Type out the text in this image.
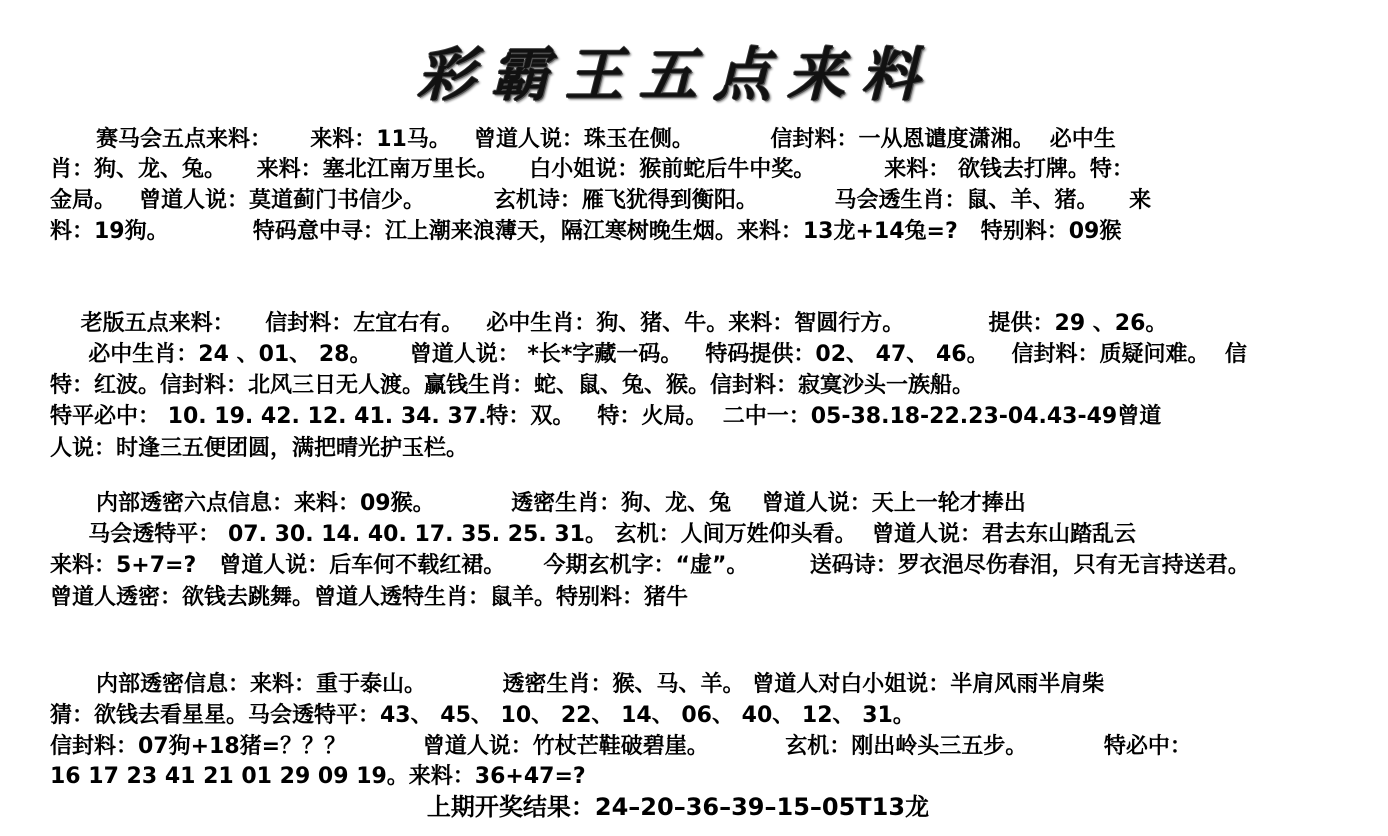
彩霸王五点来料
赛马会五点来料：     来料：11马。   曾道人说：珠玉在侧。          信封料：一从恩谴度潇湘。  必中生
肖：狗、龙、兔。    来料：塞北江南万里长。    白小姐说：猴前蛇后牛中奖。         来料： 欲钱去打牌。特：
金局。   曾道人说：莫道蓟门书信少。         玄机诗：雁飞犹得到衡阳。          马会透生肖：鼠、羊、猪。    来
料：19狗。           特码意中寻：江上潮来浪薄天，隔江寒树晚生烟。来料：13龙+14兔=?   特别料：09猴
老版五点来料：    信封料：左宜右有。   必中生肖：狗、猪、牛。来料：智圆行方。           提供：29 、26。
必中生肖：24 、01、 28。     曾道人说： *长*字藏一码。   特码提供：02、 47、 46。   信封料：质疑问难。  信
特：红波。信封料：北风三日无人渡。赢钱生肖：蛇、鼠、兔、猴。信封料：寂寞沙头一族船。
特平必中： 10. 19. 42. 12. 41. 34. 37.特：双。   特：火局。  二中一：05-38.18-22.23-04.43-49曾道
人说：时逢三五便团圆，满把晴光护玉栏。
内部透密六点信息：来料：09猴。          透密生肖：狗、龙、兔    曾道人说：天上一轮才捧出
马会透特平： 07. 30. 14. 40. 17. 35. 25. 31。 玄机：人间万姓仰头看。  曾道人说：君去东山踏乱云
来料：5+7=?   曾道人说：后车何不载红裙。     今期玄机字：“虚”。        送码诗：罗衣浥尽伤春泪，只有无言持送君。
曾道人透密：欲钱去跳舞。曾道人透特生肖：鼠羊。特别料：猪牛
内部透密信息：来料：重于泰山。          透密生肖：猴、马、羊。 曾道人对白小姐说：半肩风雨半肩柴
猜：欲钱去看星星。马会透特平：43、 45、 10、 22、 14、 06、 40、 12、 31。
信封料：07狗+18猪=？？？          曾道人说：竹杖芒鞋破碧崖。          玄机：刚出岭头三五步。          特必中：
16 17 23 41 21 01 29 09 19。来料：36+47=?
上期开奖结果：24–20–36–39–15–05T13龙
